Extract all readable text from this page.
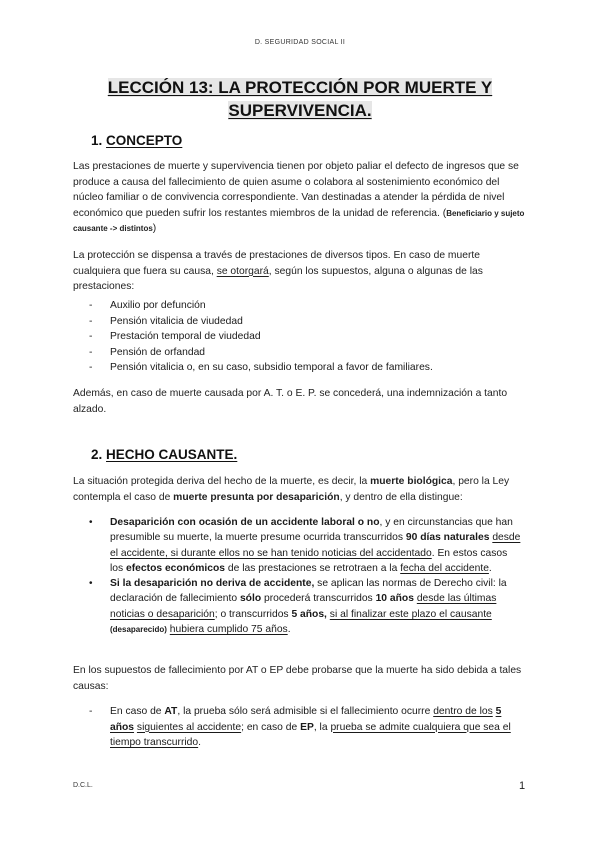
D. SEGURIDAD SOCIAL II
LECCIÓN 13: LA PROTECCIÓN POR MUERTE Y
SUPERVIVENCIA.
1. CONCEPTO

Las prestaciones de muerte y supervivencia tienen por objeto paliar el defecto de ingresos que se produce a causa del fallecimiento de quien asume o colabora al sostenimiento económico del núcleo familiar o de convivencia correspondiente. Van destinadas a atender la pérdida de nivel económico que pueden sufrir los restantes miembros de la unidad de referencia. (Beneficiario y sujeto causante -> distintos)

La protección se dispensa a través de prestaciones de diversos tipos. En caso de muerte cualquiera que fuera su causa, se otorgará, según los supuestos, alguna o algunas de las prestaciones:

- Auxilio por defunción
- Pensión vitalicia de viudedad
- Prestación temporal de viudedad
- Pensión de orfandad
- Pensión vitalicia o, en su caso, subsidio temporal a favor de familiares.

Además, en caso de muerte causada por A. T. o E. P. se concederá, una indemnización a tanto alzado.

2. HECHO CAUSANTE.

La situación protegida deriva del hecho de la muerte, es decir, la muerte biológica, pero la Ley contempla el caso de muerte presunta por desaparición, y dentro de ella distingue:

• Desaparición con ocasión de un accidente laboral o no, y en circunstancias que han presumible su muerte, la muerte presume ocurrida transcurridos 90 días naturales desde el accidente, si durante ellos no se han tenido noticias del accidentado. En estos casos los efectos económicos de las prestaciones se retrotraen a la fecha del accidente.
• Si la desaparición no deriva de accidente, se aplican las normas de Derecho civil: la declaración de fallecimiento sólo procederá transcurridos 10 años desde las últimas noticias o desaparición; o transcurridos 5 años, si al finalizar este plazo el causante (desaparecido) hubiera cumplido 75 años.

En los supuestos de fallecimiento por AT o EP debe probarse que la muerte ha sido debida a tales causas:

- En caso de AT, la prueba sólo será admisible si el fallecimiento ocurre dentro de los 5 años siguientes al accidente; en caso de EP, la prueba se admite cualquiera que sea el tiempo transcurrido.
D.C.L.	1
